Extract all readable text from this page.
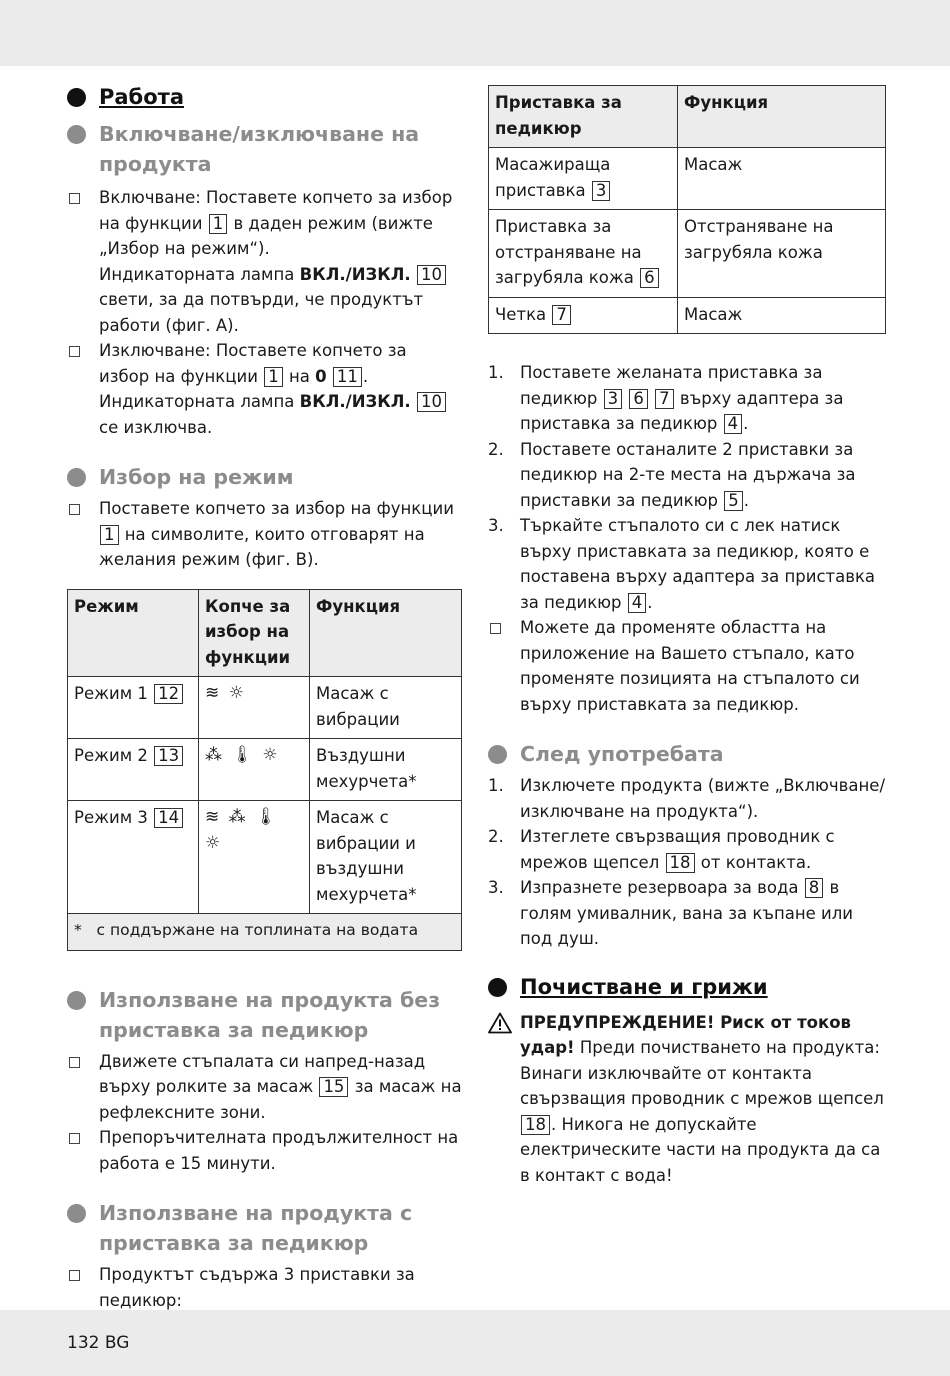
Работа
Включване/изключване на продукта
Включване: Поставете копчето за избор на функции 1 в даден режим (вижте „Избор на режим“).
Индикаторната лампа ВКЛ./ИЗКЛ. 10 свети, за да потвърди, че продуктът работи (фиг. A).
Изключване: Поставете копчето за избор на функции 1 на 0 11 . Индикаторната лампа ВКЛ./ИЗКЛ. 10 се изключва.
Избор на режим
Поставете копчето за избор на функции 1 на символите, които отговарят на желания режим (фиг. B).
Режим	Копче за избор на функции	Функция
Режим 1 12	≋ ☼	Масаж с вибрации
Режим 2 13	⁂ 🌡 ☼	Въздушни мехурчета*
Режим 3 14	≋ ⁂ 🌡 ☼	Масаж с вибрации и въздушни мехурчета*
* с поддържане на топлината на водата		
Използване на продукта без приставка за педикюр
Движете стъпалата си напред-назад върху ролките за масаж 15 за масаж на рефлексните зони.
Препоръчителната продължителност на работа е 15 минути.
Използване на продукта с приставка за педикюр
Продуктът съдържа 3 приставки за педикюр:
Приставка за педикюр	Функция
Масажираща приставка 3	Масаж
Приставка за отстраняване на загрубяла кожа 6	Отстраняване на загрубяла кожа
Четка 7	Масаж
1. Поставете желаната приставка за педикюр 3 6 7 върху адаптера за приставка за педикюр 4 .
2. Поставете останалите 2 приставки за педикюр на 2-те места на държача за приставки за педикюр 5 .
3. Търкайте стъпалото си с лек натиск върху приставката за педикюр, която е поставена върху адаптера за приставка за педикюр 4 .
Можете да променяте областта на приложение на Вашето стъпало, като променяте позицията на стъпалото си върху приставката за педикюр.
След употребата
1. Изключете продукта (вижте „Включване/ изключване на продукта“).
2. Изтеглете свързващия проводник с мрежов щепсел 18 от контакта.
3. Изпразнете резервоара за вода 8 в голям умивалник, вана за къпане или под душ.
Почистване и грижи
ПРЕДУПРЕЖДЕНИЕ! Риск от токов удар! Преди почистването на продукта: Винаги изключвайте от контакта свързващия проводник с мрежов щепсел 18 . Никога не допускайте електрическите части на продукта да са в контакт с вода!
132 BG
